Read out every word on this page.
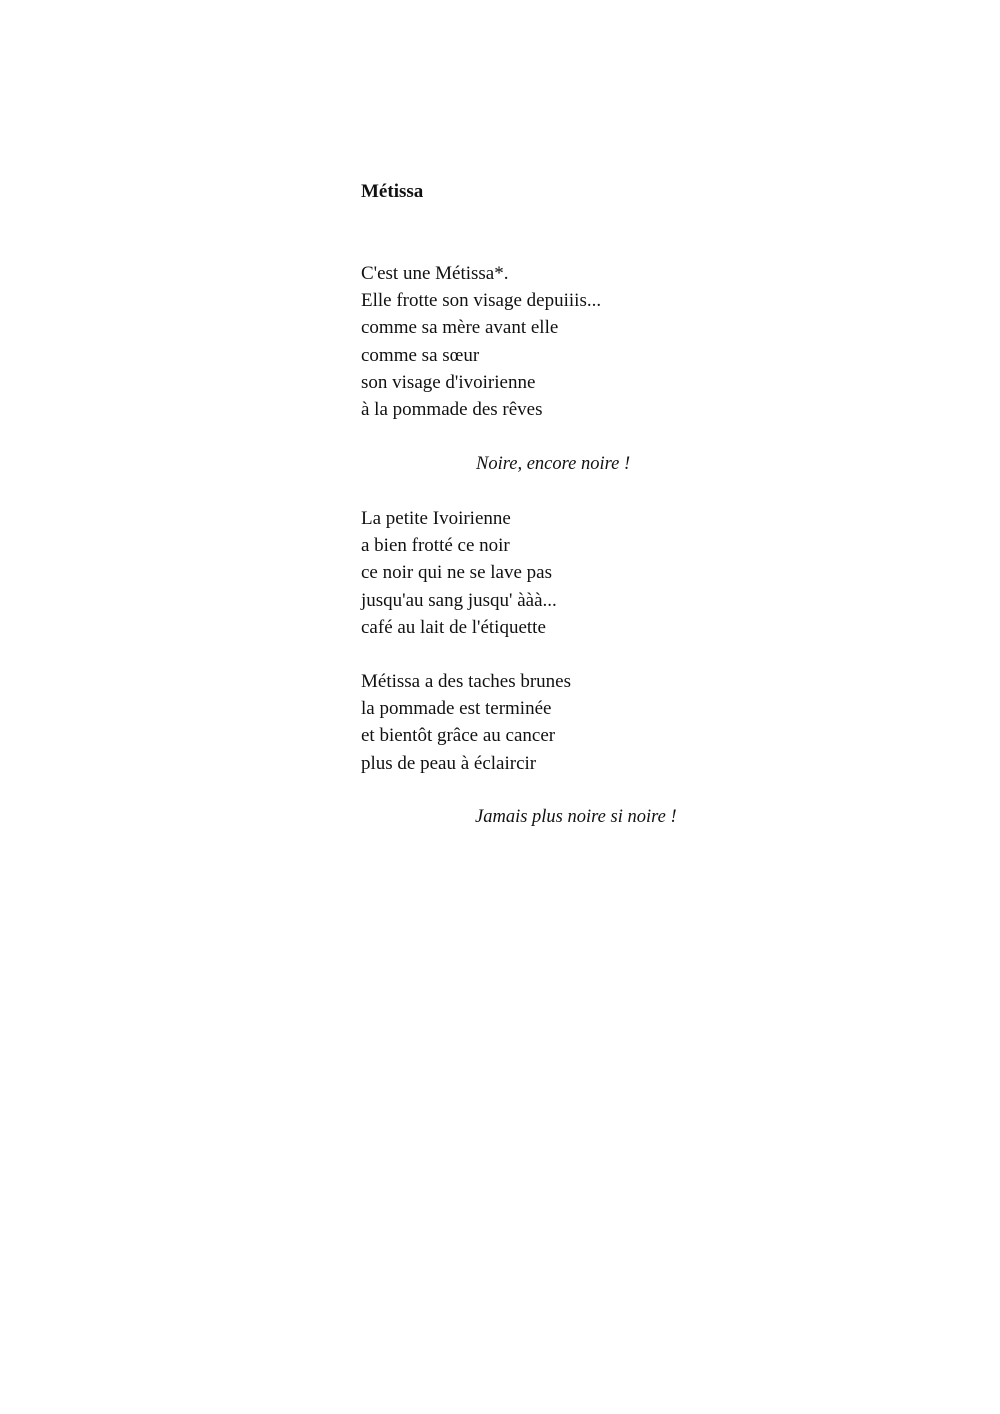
Métissa
C'est une Métissa*.
Elle frotte son visage depuiiis...
comme sa mère avant elle
comme sa sœur
son visage d'ivoirienne
à la pommade des rêves

Noire, encore noire !

La petite Ivoirienne
a bien frotté ce noir
ce noir qui ne se lave pas
jusqu'au sang jusqu' ààà...
café au lait de l'étiquette
Métissa a des taches brunes
la pommade est terminée
et bientôt grâce au cancer
plus de peau à éclaircir

Jamais plus noire si noire !
